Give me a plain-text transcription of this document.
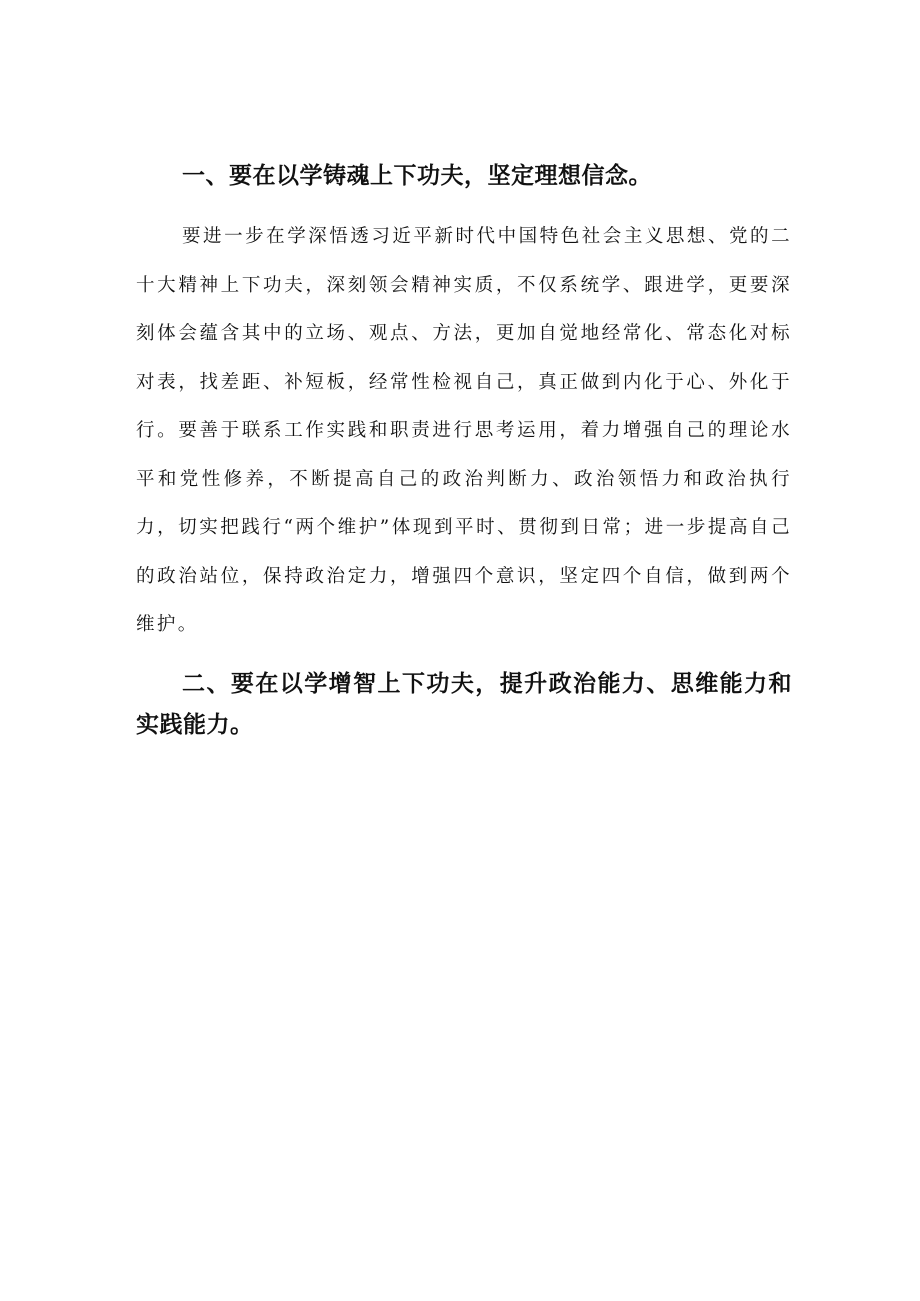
一、要在以学铸魂上下功夫，坚定理想信念。

要进一步在学深悟透习近平新时代中国特色社会主义思想、党的二十大精神上下功夫，深刻领会精神实质，不仅系统学、跟进学，更要深刻体会蕴含其中的立场、观点、方法，更加自觉地经常化、常态化对标对表，找差距、补短板，经常性检视自己，真正做到内化于心、外化于行。要善于联系工作实践和职责进行思考运用，着力增强自己的理论水平和党性修养，不断提高自己的政治判断力、政治领悟力和政治执行力，切实把践行“两个维护”体现到平时、贯彻到日常；进一步提高自己的政治站位，保持政治定力，增强四个意识，坚定四个自信，做到两个维护。

二、要在以学增智上下功夫，提升政治能力、思维能力和实践能力。
